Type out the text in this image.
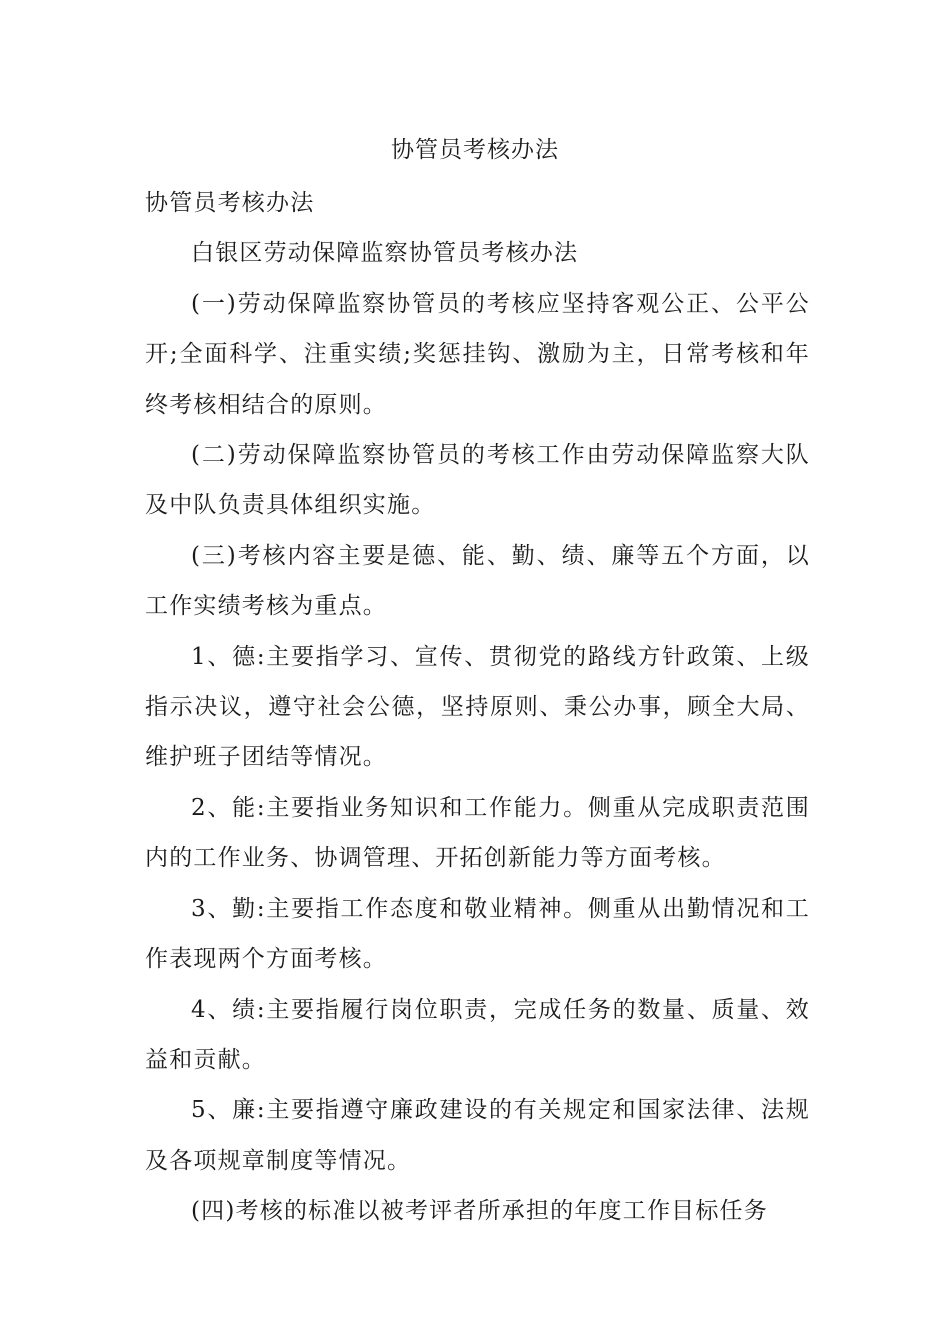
协管员考核办法

协管员考核办法

白银区劳动保障监察协管员考核办法

(一)劳动保障监察协管员的考核应坚持客观公正、公平公开;全面科学、注重实绩;奖惩挂钩、激励为主，日常考核和年终考核相结合的原则。

(二)劳动保障监察协管员的考核工作由劳动保障监察大队及中队负责具体组织实施。

(三)考核内容主要是德、能、勤、绩、廉等五个方面，以工作实绩考核为重点。

1、德:主要指学习、宣传、贯彻党的路线方针政策、上级指示决议，遵守社会公德，坚持原则、秉公办事，顾全大局、维护班子团结等情况。

2、能:主要指业务知识和工作能力。侧重从完成职责范围内的工作业务、协调管理、开拓创新能力等方面考核。

3、勤:主要指工作态度和敬业精神。侧重从出勤情况和工作表现两个方面考核。

4、绩:主要指履行岗位职责，完成任务的数量、质量、效益和贡献。

5、廉:主要指遵守廉政建设的有关规定和国家法律、法规及各项规章制度等情况。

(四)考核的标准以被考评者所承担的年度工作目标任务
